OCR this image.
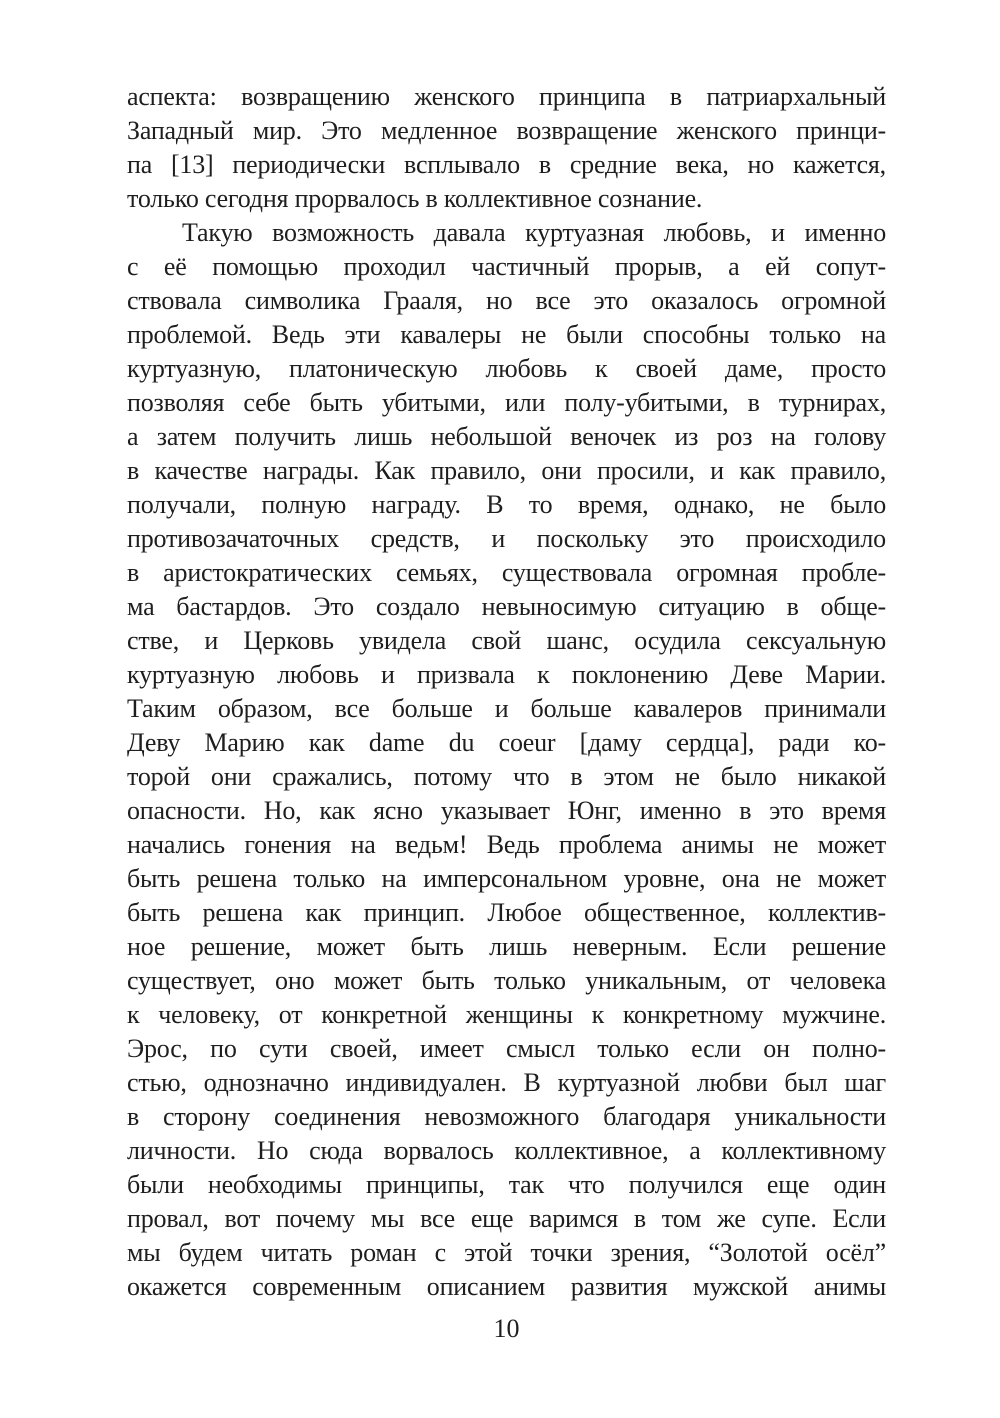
аспекта: возвращению женского принципа в патриархальный
Западный мир. Это медленное возвращение женского принци-
па [13] периодически всплывало в средние века, но кажется,
только сегодня прорвалось в коллективное сознание.
Такую возможность давала куртуазная любовь, и именно
с её помощью проходил частичный прорыв, а ей сопут-
ствовала символика Грааля, но все это оказалось огромной
проблемой. Ведь эти кавалеры не были способны только на
куртуазную, платоническую любовь к своей даме, просто
позволяя себе быть убитыми, или полу-убитыми, в турнирах,
а затем получить лишь небольшой веночек из роз на голову
в качестве награды. Как правило, они просили, и как правило,
получали, полную награду. В то время, однако, не было
противозачаточных средств, и поскольку это происходило
в аристократических семьях, существовала огромная пробле-
ма бастардов. Это создало невыносимую ситуацию в обще-
стве, и Церковь увидела свой шанс, осудила сексуальную
куртуазную любовь и призвала к поклонению Деве Марии.
Таким образом, все больше и больше кавалеров принимали
Деву Марию как dame du coeur [даму сердца], ради ко-
торой они сражались, потому что в этом не было никакой
опасности. Но, как ясно указывает Юнг, именно в это время
начались гонения на ведьм! Ведь проблема анимы не может
быть решена только на имперсональном уровне, она не может
быть решена как принцип. Любое общественное, коллектив-
ное решение, может быть лишь неверным. Если решение
существует, оно может быть только уникальным, от человека
к человеку, от конкретной женщины к конкретному мужчине.
Эрос, по сути своей, имеет смысл только если он полно-
стью, однозначно индивидуален. В куртуазной любви был шаг
в сторону соединения невозможного благодаря уникальности
личности. Но сюда ворвалось коллективное, а коллективному
были необходимы принципы, так что получился еще один
провал, вот почему мы все еще варимся в том же супе. Если
мы будем читать роман с этой точки зрения, “Золотой осёл”
окажется современным описанием развития мужской анимы
10
